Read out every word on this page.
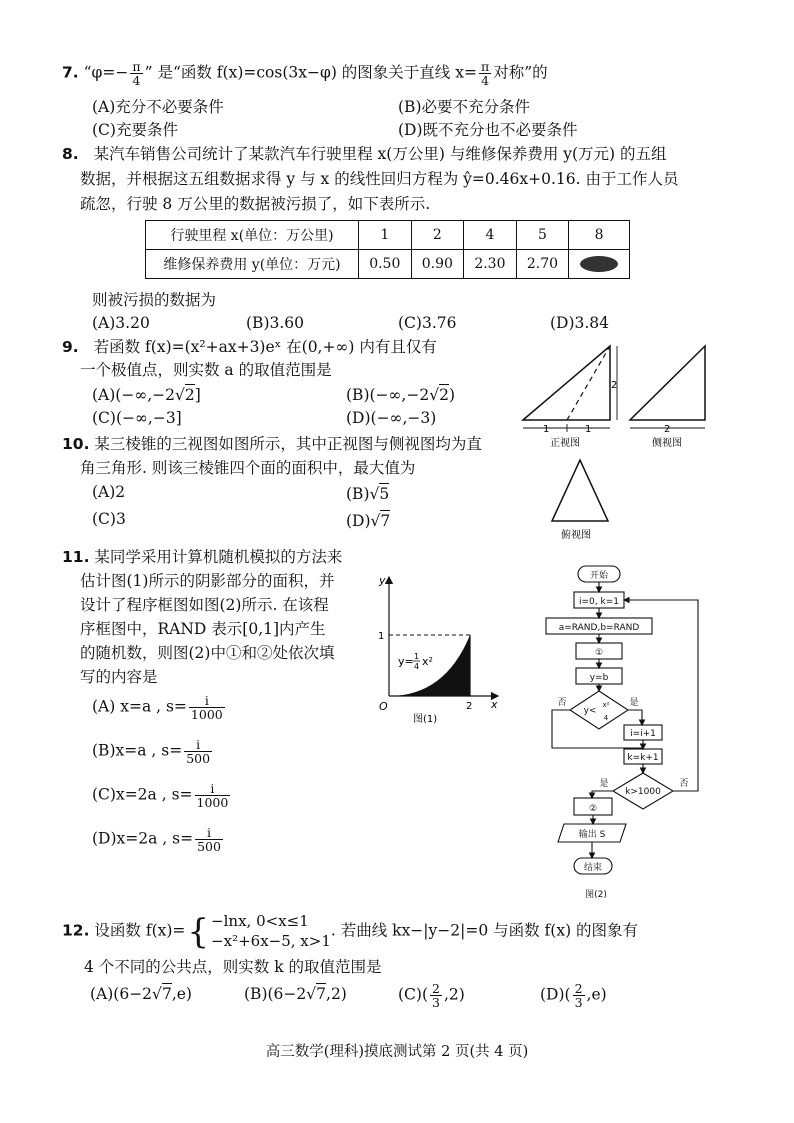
7. “$\varphi=- \frac{\pi}{4}$ ” 是“函数 f(x)=cos(3x−φ) 的图象关于直线 $x= \frac{\pi}{4}$ 对称”的
(A)充分不必要条件	(B)必要不充分条件
(C)充要条件	(D)既不充分也不必要条件
8. 某汽车销售公司统计了某款汽车行驶里程 x(万公里) 与维修保养费用 y(万元) 的五组
数据，并根据这五组数据求得 y 与 x 的线性回归方程为 ŷ=0.46x+0.16. 由于工作人员
疏忽，行驶 8 万公里的数据被污损了，如下表所示.
行驶里程 x(单位：万公里)	1	2	4	5	8
维修保养费用 y(单位：万元)	0.50	0.90	2.30	2.70	
则被污损的数据为
(A)3.20	(B)3.60	(C)3.76	(D)3.84
9. 若函数 f(x)=(x²+ax+3)eˣ 在(0,+∞) 内有且仅有
一个极值点，则实数 a 的取值范围是
(A)(−∞,−2√2]	(B)(−∞,−2√2)
(C)(−∞,−3]	(D)(−∞,−3)
10. 某三棱锥的三视图如图所示，其中正视图与侧视图均为直
角三角形. 则该三棱锥四个面的面积中，最大值为
(A)2	(B)√5
(C)3	(D)√7
1	1
2
正视图
2
侧视图
俯视图
11. 某同学采用计算机随机模拟的方法来
估计图(1)所示的阴影部分的面积，并
设计了程序框图如图(2)所示. 在该程
序框图中，RAND 表示[0,1]内产生
的随机数，则图(2)中①和②处依次填
写的内容是
(A) x=a , $s= \frac{i}{1000}$
(B)x=a , $s= \frac{i}{500}$
(C)x=2a , $s= \frac{i}{1000}$
(D)x=2a , $s= \frac{i}{500}$
y
x
O
1
2
y= 1
4 x²
图(1)
开始
i=0, k=1
a=RAND,b=RAND
①
y=b
y<
x²
4
否	是
i=i+1
k=k+1
k>1000
是	否
②
输出 S
结束
图(2)
12. 设函数 f(x)={ −lnx, 0<x≤1
−x²+6x−5, x>1
. 若曲线 kx−|y−2|=0 与函数 f(x) 的图象有
4 个不同的公共点，则实数 k 的取值范围是
(A)(6−2√7,e)	(B)(6−2√7,2)	$(C)( \frac{2}{3} ,2)$	$(D)( \frac{2}{3} ,e)$
高三数学(理科)摸底测试第 2 页(共 4 页)
